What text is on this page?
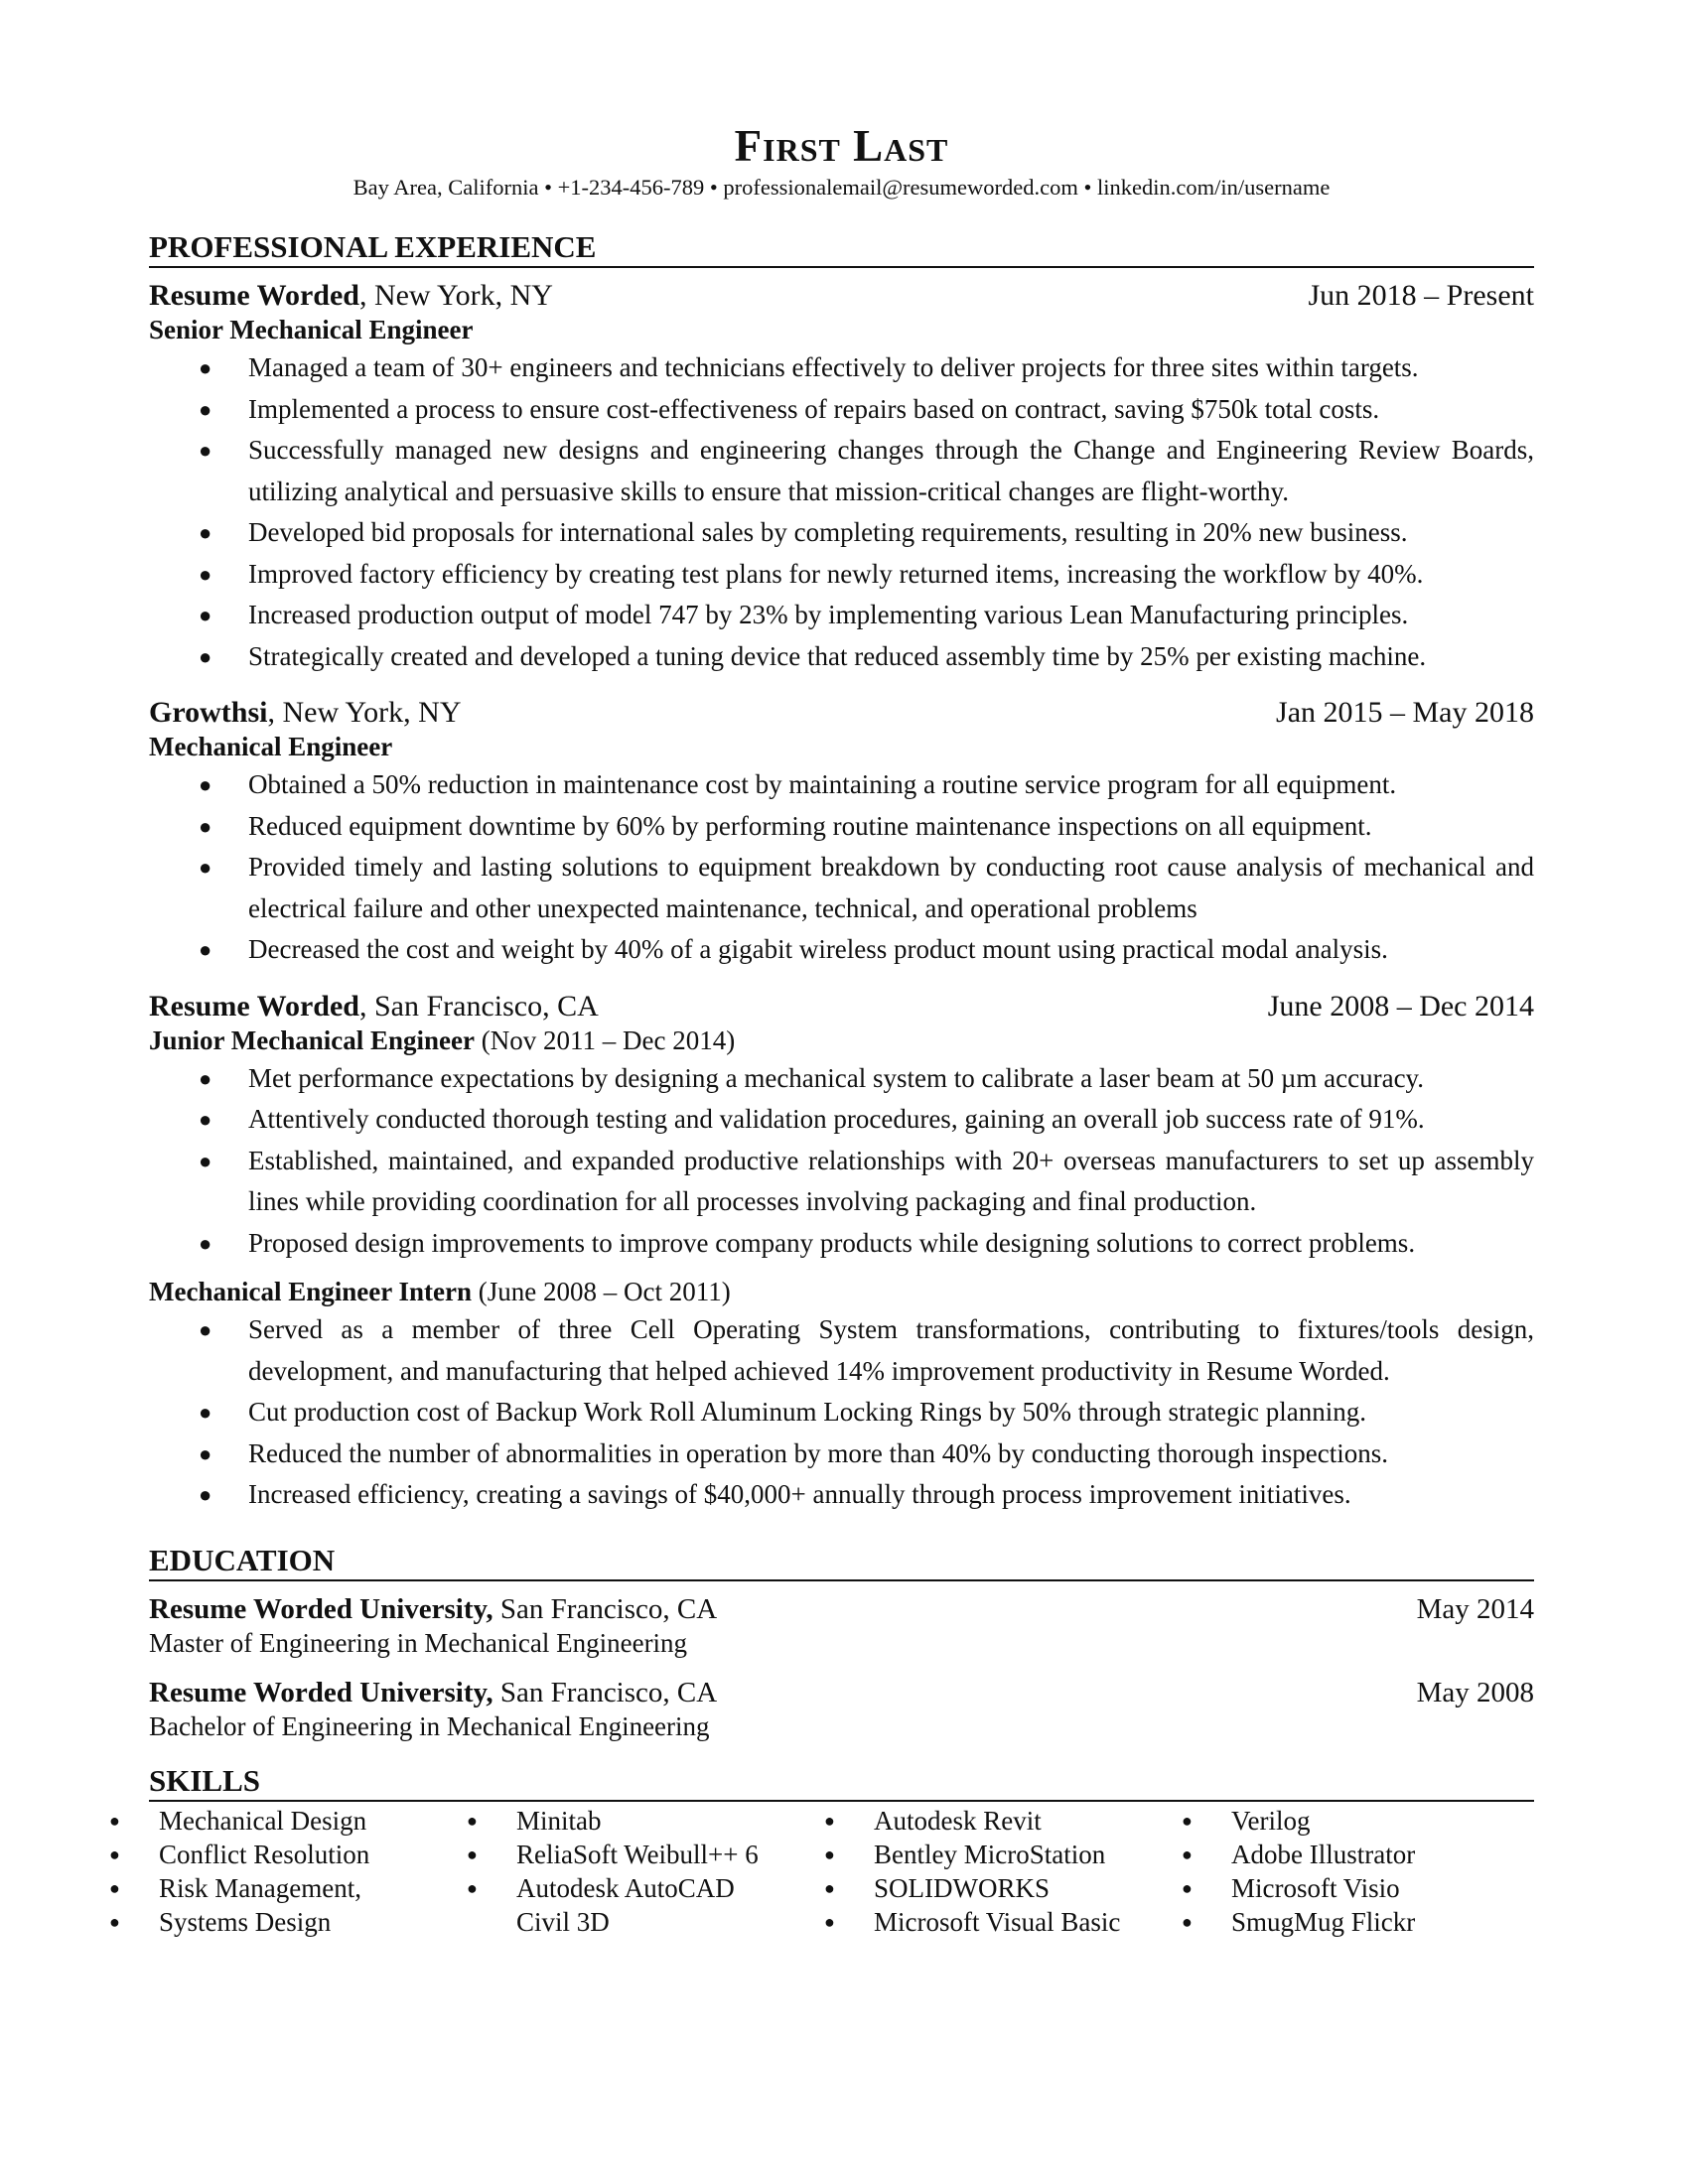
First Last
Bay Area, California • +1-234-456-789 • professionalemail@resumeworded.com • linkedin.com/in/username
PROFESSIONAL EXPERIENCE
Resume Worded, New York, NY	Jun 2018 – Present
Senior Mechanical Engineer
● Managed a team of 30+ engineers and technicians effectively to deliver projects for three sites within targets.
● Implemented a process to ensure cost-effectiveness of repairs based on contract, saving $750k total costs.
● Successfully managed new designs and engineering changes through the Change and Engineering Review Boards, utilizing analytical and persuasive skills to ensure that mission-critical changes are flight-worthy.
● Developed bid proposals for international sales by completing requirements, resulting in 20% new business.
● Improved factory efficiency by creating test plans for newly returned items, increasing the workflow by 40%.
● Increased production output of model 747 by 23% by implementing various Lean Manufacturing principles.
● Strategically created and developed a tuning device that reduced assembly time by 25% per existing machine.
Growthsi, New York, NY	Jan 2015 – May 2018
Mechanical Engineer
● Obtained a 50% reduction in maintenance cost by maintaining a routine service program for all equipment.
● Reduced equipment downtime by 60% by performing routine maintenance inspections on all equipment.
● Provided timely and lasting solutions to equipment breakdown by conducting root cause analysis of mechanical and electrical failure and other unexpected maintenance, technical, and operational problems
● Decreased the cost and weight by 40% of a gigabit wireless product mount using practical modal analysis.
Resume Worded, San Francisco, CA	June 2008 – Dec 2014
Junior Mechanical Engineer (Nov 2011 – Dec 2014)
● Met performance expectations by designing a mechanical system to calibrate a laser beam at 50 µm accuracy.
● Attentively conducted thorough testing and validation procedures, gaining an overall job success rate of 91%.
● Established, maintained, and expanded productive relationships with 20+ overseas manufacturers to set up assembly lines while providing coordination for all processes involving packaging and final production.
● Proposed design improvements to improve company products while designing solutions to correct problems.
Mechanical Engineer Intern (June 2008 – Oct 2011)
● Served as a member of three Cell Operating System transformations, contributing to fixtures/tools design, development, and manufacturing that helped achieved 14% improvement productivity in Resume Worded.
● Cut production cost of Backup Work Roll Aluminum Locking Rings by 50% through strategic planning.
● Reduced the number of abnormalities in operation by more than 40% by conducting thorough inspections.
● Increased efficiency, creating a savings of $40,000+ annually through process improvement initiatives.
EDUCATION
Resume Worded University, San Francisco, CA	May 2014
Master of Engineering in Mechanical Engineering
Resume Worded University, San Francisco, CA	May 2008
Bachelor of Engineering in Mechanical Engineering
SKILLS
● Mechanical Design
● Conflict Resolution
● Risk Management,
● Systems Design
● Minitab
● ReliaSoft Weibull++ 6
● Autodesk AutoCAD
Civil 3D
● Autodesk Revit
● Bentley MicroStation
● SOLIDWORKS
● Microsoft Visual Basic
● Verilog
● Adobe Illustrator
● Microsoft Visio
● SmugMug Flickr
